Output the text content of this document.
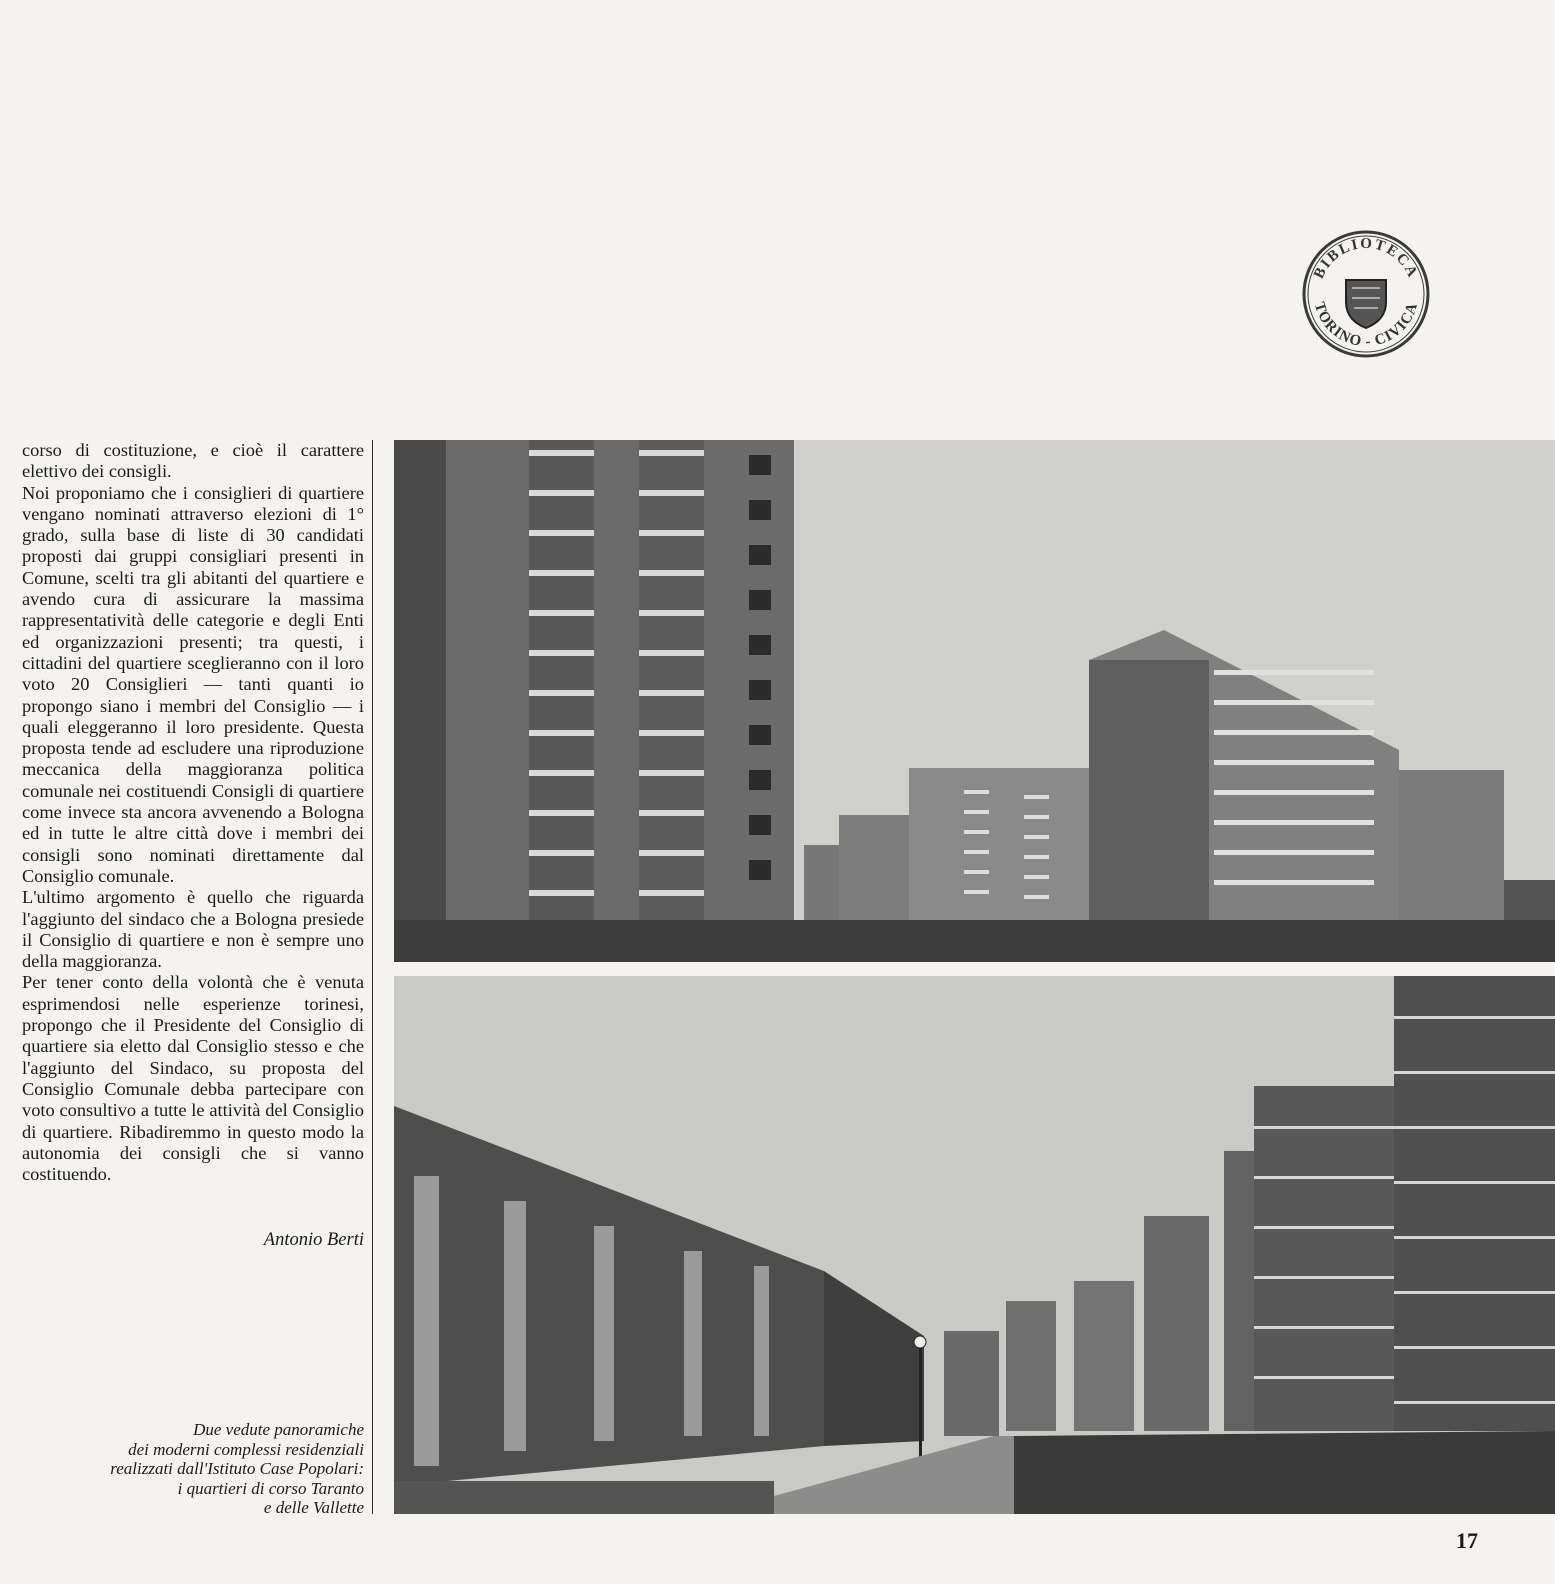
BIBLIOTECA
TORINO - CIVICA

corso di costituzione, e cioè il carattere elettivo dei consigli.

Noi proponiamo che i consiglieri di quartiere vengano nominati attraverso elezioni di 1° grado, sulla base di liste di 30 candidati proposti dai gruppi consigliari presenti in Comune, scelti tra gli abitanti del quartiere e avendo cura di assicurare la massima rappresentatività delle categorie e degli Enti ed organizzazioni presenti; tra questi, i cittadini del quartiere sceglieranno con il loro voto 20 Consiglieri — tanti quanti io propongo siano i membri del Consiglio — i quali eleggeranno il loro presidente. Questa proposta tende ad escludere una riproduzione meccanica della maggioranza politica comunale nei costituendi Consigli di quartiere come invece sta ancora avvenendo a Bologna ed in tutte le altre città dove i membri dei consigli sono nominati direttamente dal Consiglio comunale.

L'ultimo argomento è quello che riguarda l'aggiunto del sindaco che a Bologna presiede il Consiglio di quartiere e non è sempre uno della maggioranza.

Per tener conto della volontà che è venuta esprimendosi nelle esperienze torinesi, propongo che il Presidente del Consiglio di quartiere sia eletto dal Consiglio stesso e che l'aggiunto del Sindaco, su proposta del Consiglio Comunale debba partecipare con voto consultivo a tutte le attività del Consiglio di quartiere. Ribadiremmo in questo modo la autonomia dei consigli che si vanno costituendo.

Antonio Berti
Due vedute panoramiche
dei moderni complessi residenziali
realizzati dall'Istituto Case Popolari:
i quartieri di corso Taranto
e delle Vallette
17
